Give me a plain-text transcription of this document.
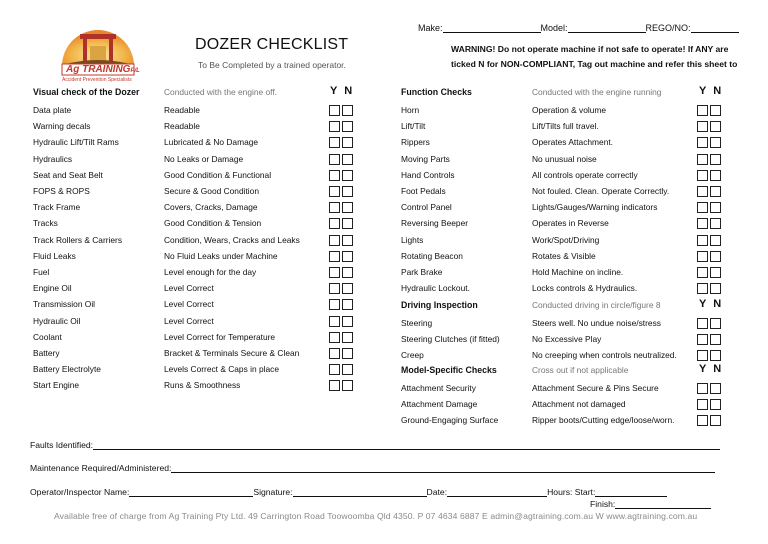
Ag TRAININGP/L
Accident Prevention Specialists
DOZER CHECKLIST
To Be Completed by a trained operator.
Make:	Model:	REGO/NO:
WARNING! Do not operate machine if not safe to operate! If ANY are
ticked N for NON-COMPLIANT, Tag out machine and refer this sheet to
Visual check of the Dozer	Conducted with the engine off.	Y N
Data plate	Readable
Warning decals	Readable
Hydraulic Lift/Tilt Rams	Lubricated & No Damage
Hydraulics	No Leaks or Damage
Seat and Seat Belt	Good Condition & Functional
FOPS & ROPS	Secure & Good Condition
Track Frame	Covers, Cracks, Damage
Tracks	Good Condition & Tension
Track Rollers & Carriers	Condition, Wears, Cracks and Leaks
Fluid Leaks	No Fluid Leaks under Machine
Fuel	Level enough for the day
Engine Oil	Level Correct
Transmission Oil	Level Correct
Hydraulic Oil	Level Correct
Coolant	Level Correct for Temperature
Battery	Bracket & Terminals Secure & Clean
Battery Electrolyte	Levels Correct & Caps in place
Start Engine	Runs & Smoothness
Function Checks	Conducted with the engine running	Y N
Horn	Operation & volume
Lift/Tilt	Lift/Tilts full travel.
Rippers	Operates Attachment.
Moving Parts	No unusual noise
Hand Controls	All controls operate correctly
Foot Pedals	Not fouled. Clean. Operate Correctly.
Control Panel	Lights/Gauges/Warning indicators
Reversing Beeper	Operates in Reverse
Lights	Work/Spot/Driving
Rotating Beacon	Rotates & Visible
Park Brake	Hold Machine on incline.
Hydraulic Lockout.	Locks controls & Hydraulics.
Driving Inspection	Conducted driving in circle/figure 8	Y N
Steering	Steers well. No undue noise/stress
Steering Clutches (if fitted)	No Excessive Play
Creep	No creeping when controls neutralized.
Model-Specific Checks	Cross out if not applicable	Y N
Attachment Security	Attachment Secure & Pins Secure
Attachment Damage	Attachment not damaged
Ground-Engaging Surface	Ripper boots/Cutting edge/loose/worn.
Faults Identified:
Maintenance Required/Administered:
Operator/Inspector Name:	Signature:	Date:	Hours: Start:
Finish:
Available free of charge from Ag Training Pty Ltd. 49 Carrington Road Toowoomba Qld 4350. P 07 4634 6887 E admin@agtraining.com.au W www.agtraining.com.au
